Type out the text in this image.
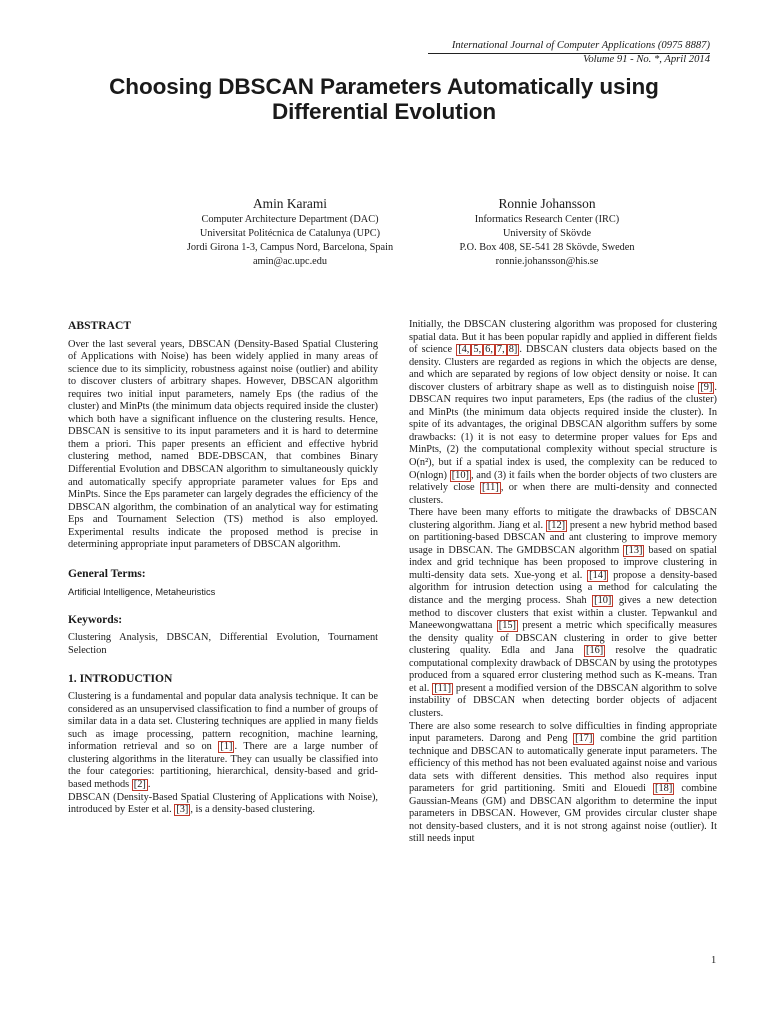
International Journal of Computer Applications (0975 8887)
Volume 91 - No. *, April 2014
Choosing DBSCAN Parameters Automatically using
Differential Evolution
Amin Karami
Computer Architecture Department (DAC)
Universitat Politécnica de Catalunya (UPC)
Jordi Girona 1-3, Campus Nord, Barcelona, Spain
amin@ac.upc.edu
Ronnie Johansson
Informatics Research Center (IRC)
University of Skövde
P.O. Box 408, SE-541 28 Skövde, Sweden
ronnie.johansson@his.se

ABSTRACT

Over the last several years, DBSCAN (Density-Based Spatial Clustering of Applications with Noise) has been widely applied in many areas of science due to its simplicity, robustness against noise (outlier) and ability to discover clusters of arbitrary shapes. However, DBSCAN algorithm requires two initial input parameters, namely Eps (the radius of the cluster) and MinPts (the minimum data objects required inside the cluster) which both have a significant influence on the clustering results. Hence, DBSCAN is sensitive to its input parameters and it is hard to determine them a priori. This paper presents an efficient and effective hybrid clustering method, named BDE-DBSCAN, that combines Binary Differential Evolution and DBSCAN algorithm to simultaneously quickly and automatically specify appropriate parameter values for Eps and MinPts. Since the Eps parameter can largely degrades the efficiency of the DBSCAN algorithm, the combination of an analytical way for estimating Eps and Tournament Selection (TS) method is also employed. Experimental results indicate the proposed method is precise in determining appropriate input parameters of DBSCAN algorithm.

General Terms:

Artificial Intelligence, Metaheuristics

Keywords:

Clustering Analysis, DBSCAN, Differential Evolution, Tournament Selection

1. INTRODUCTION

Clustering is a fundamental and popular data analysis technique. It can be considered as an unsupervised classification to find a number of groups of similar data in a data set. Clustering techniques are applied in many fields such as image processing, pattern recognition, machine learning, information retrieval and so on [1] . There are a large number of clustering algorithms in the literature. They can usually be classified into the four categories: partitioning, hierarchical, density-based and grid-based methods [2] .

DBSCAN (Density-Based Spatial Clustering of Applications with Noise), introduced by Ester et al. [3] , is a density-based clustering.

Initially, the DBSCAN clustering algorithm was proposed for clustering spatial data. But it has been popular rapidly and applied in different fields of science [4, 5, 6, 7, 8] . DBSCAN clusters data objects based on the density. Clusters are regarded as regions in which the objects are dense, and which are separated by regions of low object density or noise. It can discover clusters of arbitrary shape as well as to distinguish noise [9] . DBSCAN requires two input parameters, Eps (the radius of the cluster) and MinPts (the minimum data objects required inside the cluster). In spite of its advantages, the original DBSCAN algorithm suffers by some drawbacks: (1) it is not easy to determine proper values for Eps and MinPts, (2) the computational complexity without special structure is O(n²), but if a spatial index is used, the complexity can be reduced to O(nlogn) [10] , and (3) it fails when the border objects of two clusters are relatively close [11] , or when there are multi-density and connected clusters.

There have been many efforts to mitigate the drawbacks of DBSCAN clustering algorithm. Jiang et al. [12] present a new hybrid method based on partitioning-based DBSCAN and ant clustering to improve memory usage in DBSCAN. The GMDBSCAN algorithm [13] based on spatial index and grid technique has been proposed to improve clustering in multi-density data sets. Xue-yong et al. [14] propose a density-based algorithm for intrusion detection using a method for calculating the distance and the merging process. Shah [10] gives a new detection method to discover clusters that exist within a cluster. Tepwankul and Maneewongwattana [15] present a metric which specifically measures the density quality of DBSCAN clustering in order to give better clustering quality. Edla and Jana [16] resolve the quadratic computational complexity drawback of DBSCAN by using the prototypes produced from a squared error clustering method such as K-means. Tran et al. [11] present a modified version of the DBSCAN algorithm to solve instability of DBSCAN when detecting border objects of adjacent clusters.

There are also some research to solve difficulties in finding appropriate input parameters. Darong and Peng [17] combine the grid partition technique and DBSCAN to automatically generate input parameters. The efficiency of this method has not been evaluated against noise and various data sets with different densities. This method also requires input parameters for grid partitioning. Smiti and Elouedi [18] combine Gaussian-Means (GM) and DBSCAN algorithm to determine the input parameters in DBSCAN. However, GM provides circular cluster shape not density-based clusters, and it is not strong against noise (outlier). It still needs input

1
